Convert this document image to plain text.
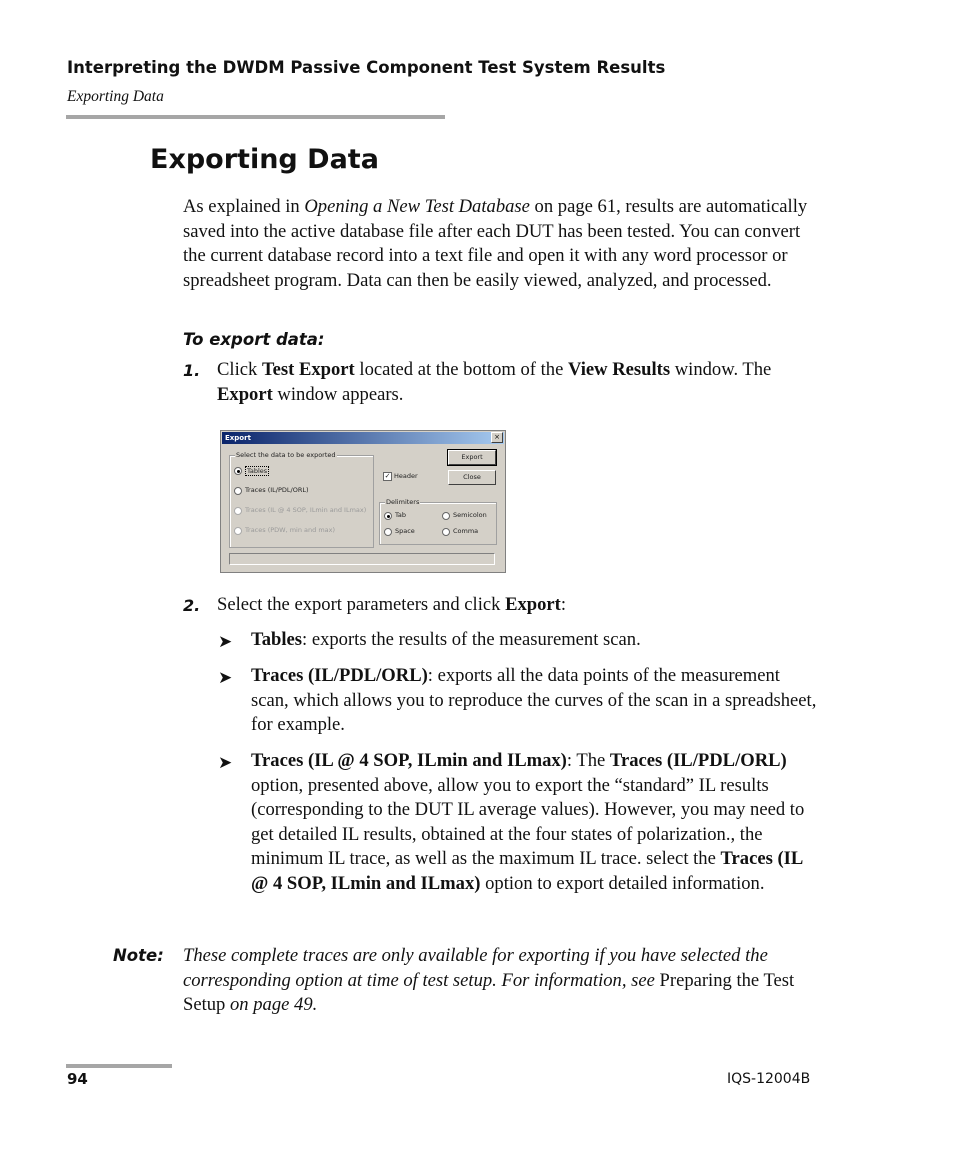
Interpreting the DWDM Passive Component Test System Results
Exporting Data
Exporting Data
As explained in Opening a New Test Database on page 61, results are automatically saved into the active database file after each DUT has been tested. You can convert the current database record into a text file and open it with any word processor or spreadsheet program. Data can then be easily viewed, analyzed, and processed.
To export data:
1. Click Test Export located at the bottom of the View Results window. The Export window appears.
Export	×
Select the data to be exported
Tables
Traces (IL/PDL/ORL)
Traces (IL @ 4 SOP, ILmin and ILmax)
Traces (PDW, min and max)
✓ Header
Export
Close
Delimiters
Tab	Semicolon
Space	Comma
2. Select the export parameters and click Export:
➤ Tables: exports the results of the measurement scan.
➤ Traces (IL/PDL/ORL): exports all the data points of the measurement scan, which allows you to reproduce the curves of the scan in a spreadsheet, for example.
➤ Traces (IL @ 4 SOP, ILmin and ILmax): The Traces (IL/PDL/ORL) option, presented above, allow you to export the “standard” IL results (corresponding to the DUT IL average values). However, you may need to get detailed IL results, obtained at the four states of polarization., the minimum IL trace, as well as the maximum IL trace. select the Traces (IL @ 4 SOP, ILmin and ILmax) option to export detailed information.
Note: These complete traces are only available for exporting if you have selected the corresponding option at time of test setup. For information, see Preparing the Test Setup on page 49.
94	IQS-12004B
